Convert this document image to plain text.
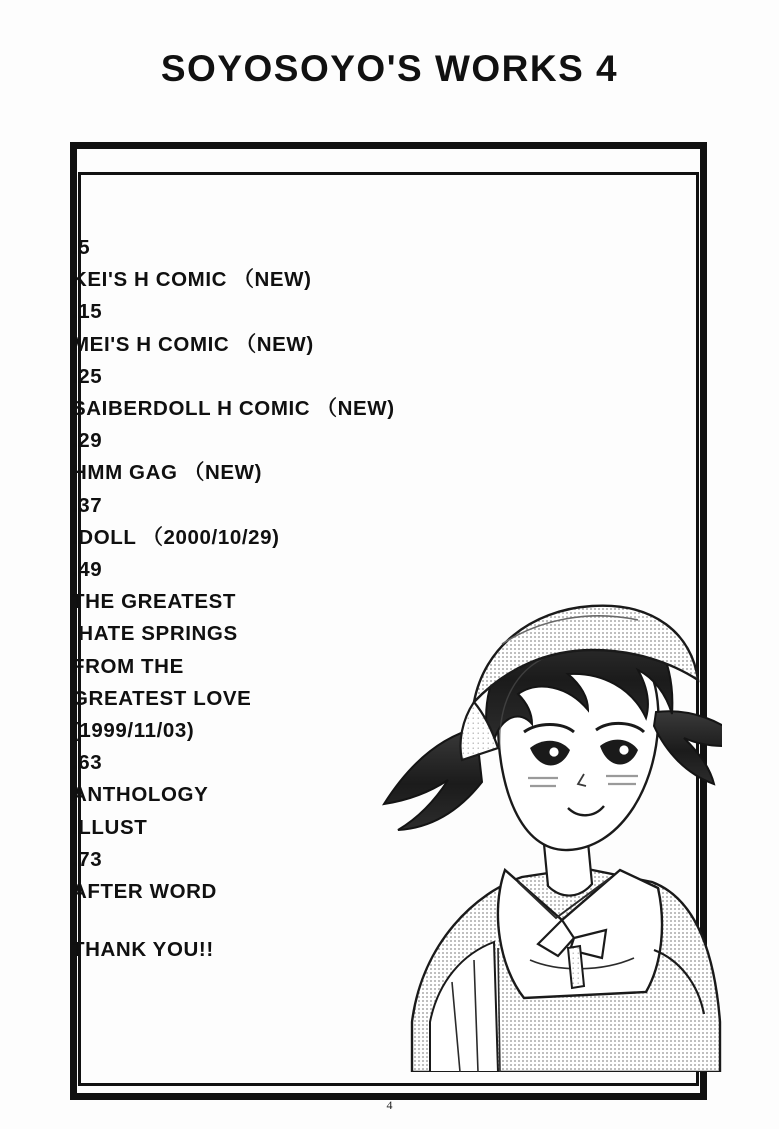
SOYOSOYO'S WORKS 4
.5
KEI'S H COMIC （NEW)
.15
MEI'S H COMIC （NEW)
.25
SAIBERDOLL H COMIC （NEW)
.29
HMM GAG （NEW)
.37
.DOLL （2000/10/29)
.49
THE GREATEST
HATE SPRINGS
FROM THE
GREATEST LOVE
(1999/11/03)
.63
ANTHOLOGY
ILLUST
.73
AFTER WORD
THANK YOU!!
4
